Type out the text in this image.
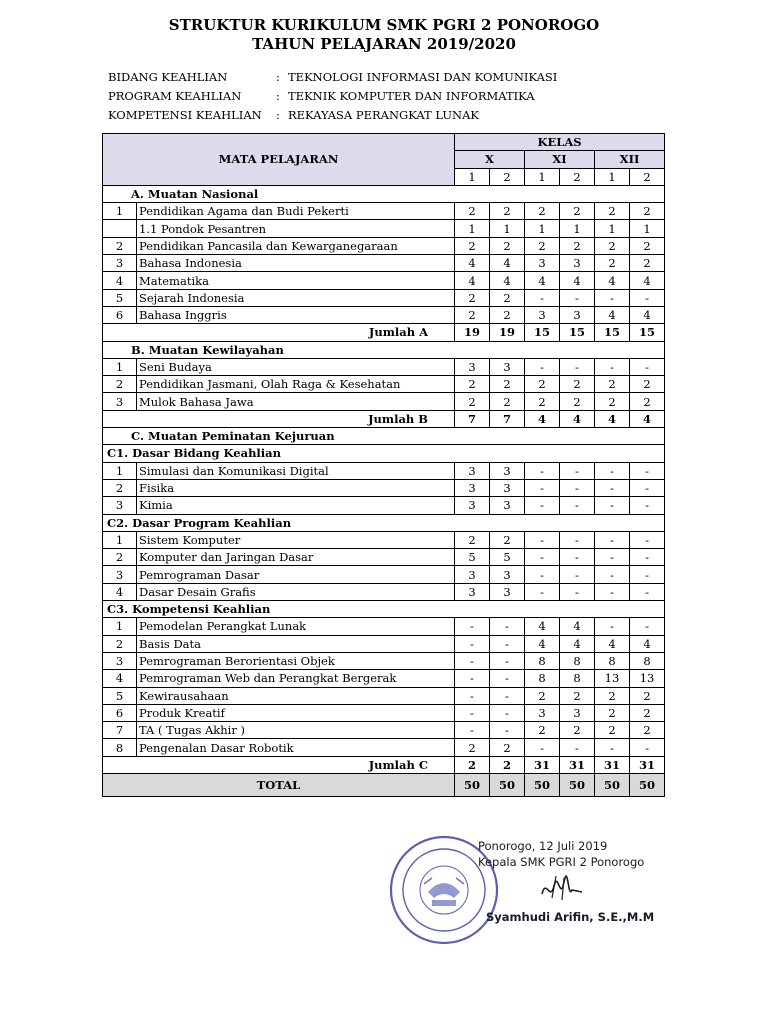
STRUKTUR KURIKULUM SMK PGRI 2 PONOROGO
TAHUN PELAJARAN 2019/2020
BIDANG KEAHLIAN	: TEKNOLOGI INFORMASI DAN KOMUNIKASI
PROGRAM KEAHLIAN	: TEKNIK KOMPUTER DAN INFORMATIKA
KOMPETENSI KEAHLIAN	: REKAYASA PERANGKAT LUNAK
MATA PELAJARAN		KELAS					
		X		XI		XII	
		1	2	1	2	1	2
A. Muatan Nasional							
1	Pendidikan Agama dan Budi Pekerti	2	2	2	2	2	2
	1.1 Pondok Pesantren	1	1	1	1	1	1
2	Pendidikan Pancasila dan Kewarganegaraan	2	2	2	2	2	2
3	Bahasa Indonesia	4	4	3	3	2	2
4	Matematika	4	4	4	4	4	4
5	Sejarah Indonesia	2	2	-	-	-	-
6	Bahasa Inggris	2	2	3	3	4	4
Jumlah A		19	19	15	15	15	15
B. Muatan Kewilayahan							
1	Seni Budaya	3	3	-	-	-	-
2	Pendidikan Jasmani, Olah Raga & Kesehatan	2	2	2	2	2	2
3	Mulok Bahasa Jawa	2	2	2	2	2	2
Jumlah B		7	7	4	4	4	4
C. Muatan Peminatan Kejuruan							
C1. Dasar Bidang Keahlian							
1	Simulasi dan Komunikasi Digital	3	3	-	-	-	-
2	Fisika	3	3	-	-	-	-
3	Kimia	3	3	-	-	-	-
C2. Dasar Program Keahlian							
1	Sistem Komputer	2	2	-	-	-	-
2	Komputer dan Jaringan Dasar	5	5	-	-	-	-
3	Pemrograman Dasar	3	3	-	-	-	-
4	Dasar Desain Grafis	3	3	-	-	-	-
C3. Kompetensi Keahlian							
1	Pemodelan Perangkat Lunak	-	-	4	4	-	-
2	Basis Data	-	-	4	4	4	4
3	Pemrograman Berorientasi Objek	-	-	8	8	8	8
4	Pemrograman Web dan Perangkat Bergerak	-	-	8	8	13	13
5	Kewirausahaan	-	-	2	2	2	2
6	Produk Kreatif	-	-	3	3	2	2
7	TA ( Tugas Akhir )	-	-	2	2	2	2
8	Pengenalan Dasar Robotik	2	2	-	-	-	-
Jumlah C		2	2	31	31	31	31
TOTAL		50	50	50	50	50	50
Ponorogo, 12 Juli 2019
Kepala SMK PGRI 2 Ponorogo
Syamhudi Arifin, S.E.,M.M
